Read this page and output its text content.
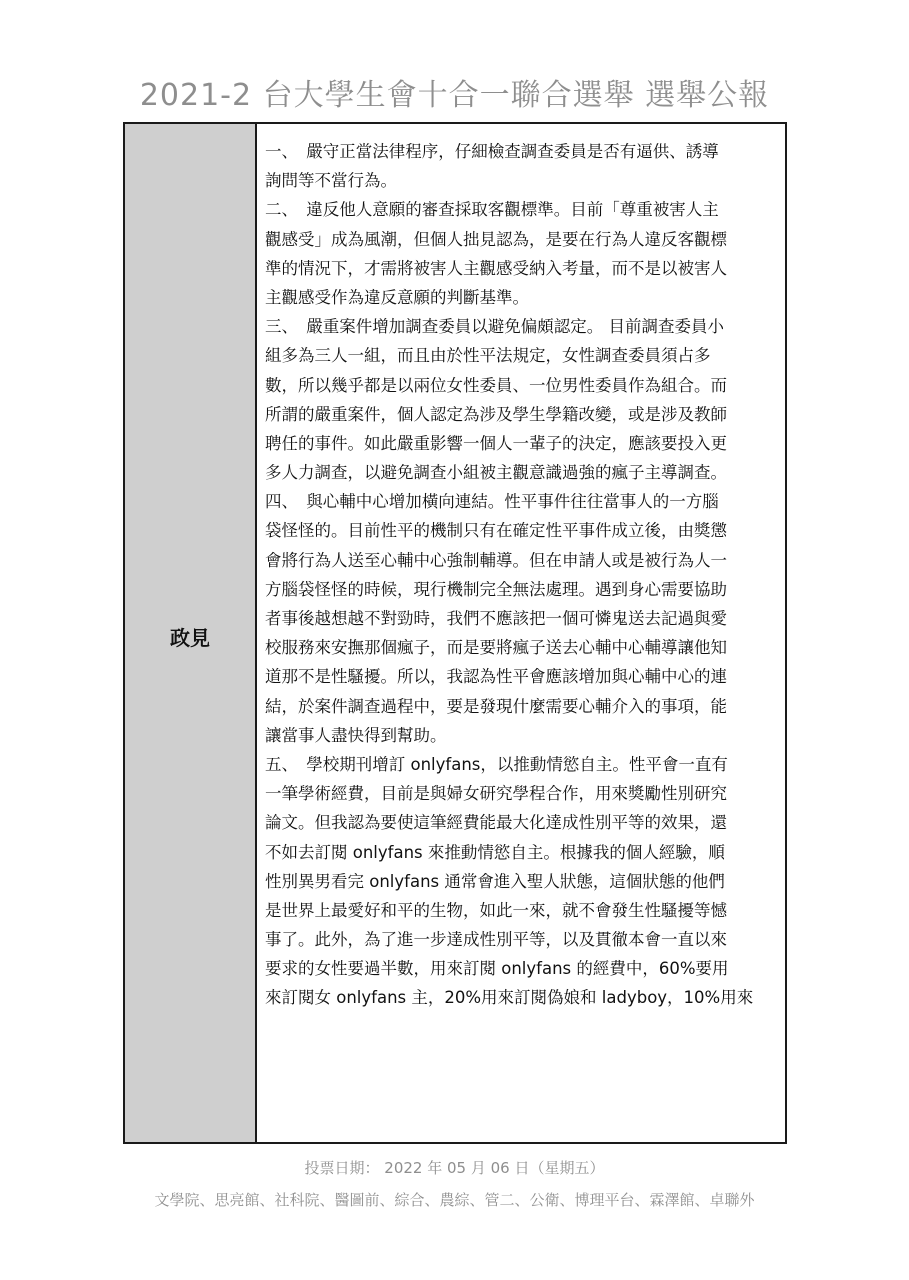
2021-2 台大學生會十合一聯合選舉 選舉公報
政見

一、　嚴守正當法律程序，仔細檢查調查委員是否有逼供、誘導

詢問等不當行為。

二、　違反他人意願的審查採取客觀標準。目前「尊重被害人主

觀感受」成為風潮，但個人拙見認為，是要在行為人違反客觀標

準的情況下，才需將被害人主觀感受納入考量，而不是以被害人

主觀感受作為違反意願的判斷基準。

三、　嚴重案件增加調查委員以避免偏頗認定。 目前調查委員小

組多為三人一組，而且由於性平法規定，女性調查委員須占多

數，所以幾乎都是以兩位女性委員、一位男性委員作為組合。而

所謂的嚴重案件，個人認定為涉及學生學籍改變，或是涉及教師

聘任的事件。如此嚴重影響一個人一輩子的決定，應該要投入更

多人力調查，以避免調查小組被主觀意識過強的瘋子主導調查。

四、　與心輔中心增加橫向連結。性平事件往往當事人的一方腦

袋怪怪的。目前性平的機制只有在確定性平事件成立後，由獎懲

會將行為人送至心輔中心強制輔導。但在申請人或是被行為人一

方腦袋怪怪的時候，現行機制完全無法處理。遇到身心需要協助

者事後越想越不對勁時，我們不應該把一個可憐鬼送去記過與愛

校服務來安撫那個瘋子，而是要將瘋子送去心輔中心輔導讓他知

道那不是性騷擾。所以，我認為性平會應該增加與心輔中心的連

結，於案件調查過程中，要是發現什麼需要心輔介入的事項，能

讓當事人盡快得到幫助。

五、　學校期刊增訂 onlyfans，以推動情慾自主。性平會一直有

一筆學術經費，目前是與婦女研究學程合作，用來獎勵性別研究

論文。但我認為要使這筆經費能最大化達成性別平等的效果，還

不如去訂閱 onlyfans 來推動情慾自主。根據我的個人經驗，順

性別異男看完 onlyfans 通常會進入聖人狀態，這個狀態的他們

是世界上最愛好和平的生物，如此一來，就不會發生性騷擾等憾

事了。此外，為了進一步達成性別平等，以及貫徹本會一直以來

要求的女性要過半數，用來訂閱 onlyfans 的經費中，60%要用

來訂閱女 onlyfans 主，20%用來訂閱偽娘和 ladyboy，10%用來

投票日期： 2022 年 05 月 06 日（星期五）
文學院、思亮館、社科院、醫圖前、綜合、農綜、管二、公衛、博理平台、霖澤館、卓聯外
